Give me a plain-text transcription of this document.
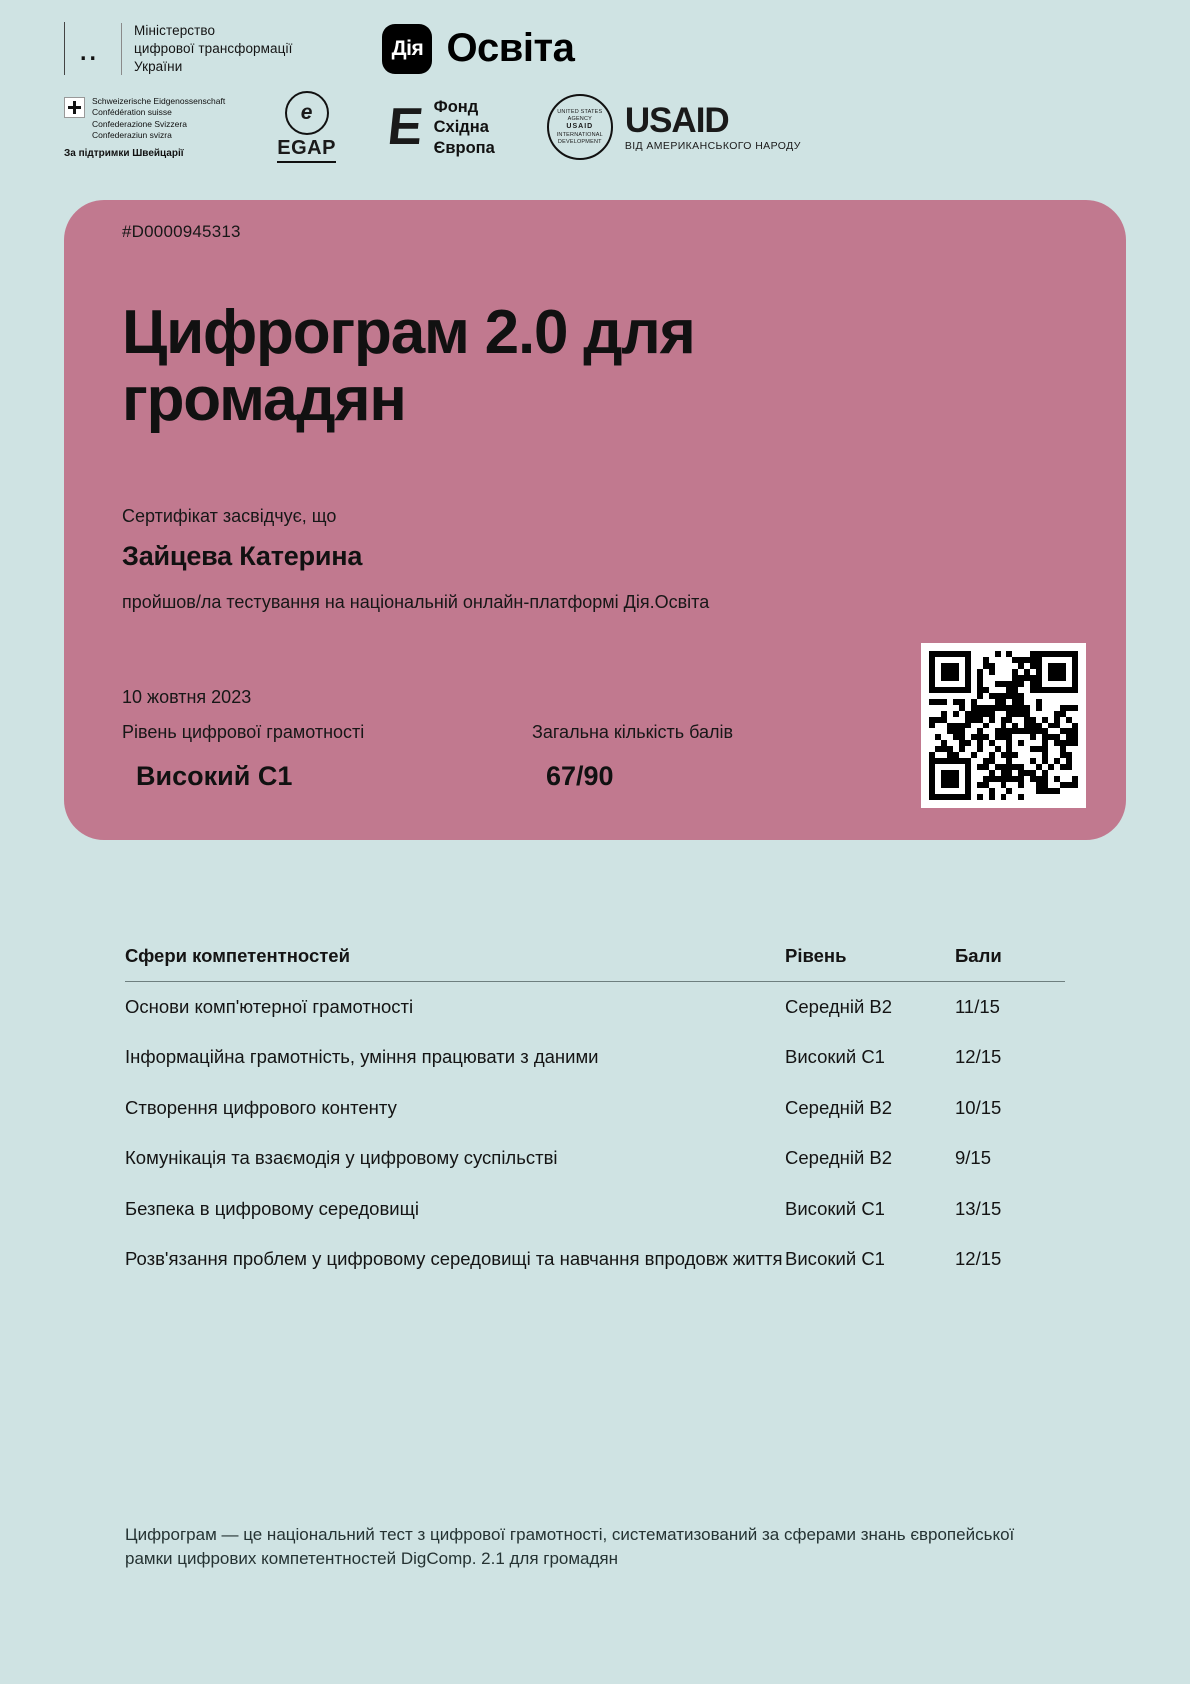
..	Міністерство
цифрової трансформації
України
Дія Освіта
Schweizerische Eidgenossenschaft
Confédération suisse
Confederazione Svizzera
Confederaziun svizra
За підтримки Швейцарії
e
EGAP E Фонд
Східна
Європа
UNITED STATES AGENCY
USAID
INTERNATIONAL DEVELOPMENT
USAID
ВІД АМЕРИКАНСЬКОГО НАРОДУ
#D0000945313
Цифрограм 2.0 для громадян
Сертифікат засвідчує, що
Зайцева Катерина
пройшов/ла тестування на національній онлайн-платформі Дія.Освіта
10 жовтня 2023
Рівень цифрової грамотності
Високий C1
Загальна кількість балів
67/90
Сфери компетентностей	Рівень	Бали
Основи комп'ютерної грамотності	Середній B2	11/15
Інформаційна грамотність, уміння працювати з даними	Високий C1	12/15
Створення цифрового контенту	Середній B2	10/15
Комунікація та взаємодія у цифровому суспільстві	Середній B2	9/15
Безпека в цифровому середовищі	Високий C1	13/15
Розв'язання проблем у цифровому середовищі та навчання впродовж життя	Високий C1	12/15
Цифрограм — це національний тест з цифрової грамотності, систематизований за сферами знань європейської рамки цифрових компетентностей DigComp. 2.1 для громадян
